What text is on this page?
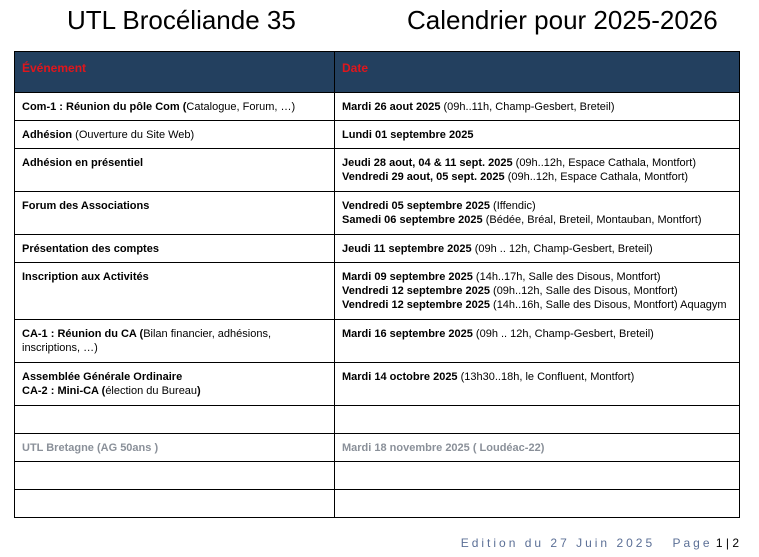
UTL Brocéliande 35	Calendrier pour 2025-2026
Événement	Date

Com-1 : Réunion du pôle Com (Catalogue, Forum, …)	Mardi 26 aout 2025 (09h..11h, Champ-Gesbert, Breteil)

Adhésion (Ouverture du Site Web)	Lundi 01 septembre 2025

Adhésion en présentiel	Jeudi 28 aout, 04 & 11 sept. 2025 (09h..12h, Espace Cathala, Montfort)
Vendredi 29 aout, 05 sept. 2025 (09h..12h, Espace Cathala, Montfort)

Forum des Associations	Vendredi 05 septembre 2025 (Iffendic)
Samedi 06 septembre 2025 (Bédée, Bréal, Breteil, Montauban, Montfort)

Présentation des comptes	Jeudi 11 septembre 2025 (09h .. 12h, Champ-Gesbert, Breteil)

Inscription aux Activités	Mardi 09 septembre 2025 (14h..17h, Salle des Disous, Montfort)
Vendredi 12 septembre 2025 (09h..12h, Salle des Disous, Montfort)
Vendredi 12 septembre 2025 (14h..16h, Salle des Disous, Montfort) Aquagym

CA-1 : Réunion du CA (Bilan financier, adhésions,
inscriptions, …)	Mardi 16 septembre 2025 (09h .. 12h, Champ-Gesbert, Breteil)

Assemblée Générale Ordinaire
CA-2 : Mini-CA (élection du Bureau)	Mardi 14 octobre 2025 (13h30..18h, le Confluent, Montfort)

UTL Bretagne (AG 50ans )	Mardi 18 novembre 2025 ( Loudéac-22)

Edition du 27 Juin 2025 Page 1 | 2
